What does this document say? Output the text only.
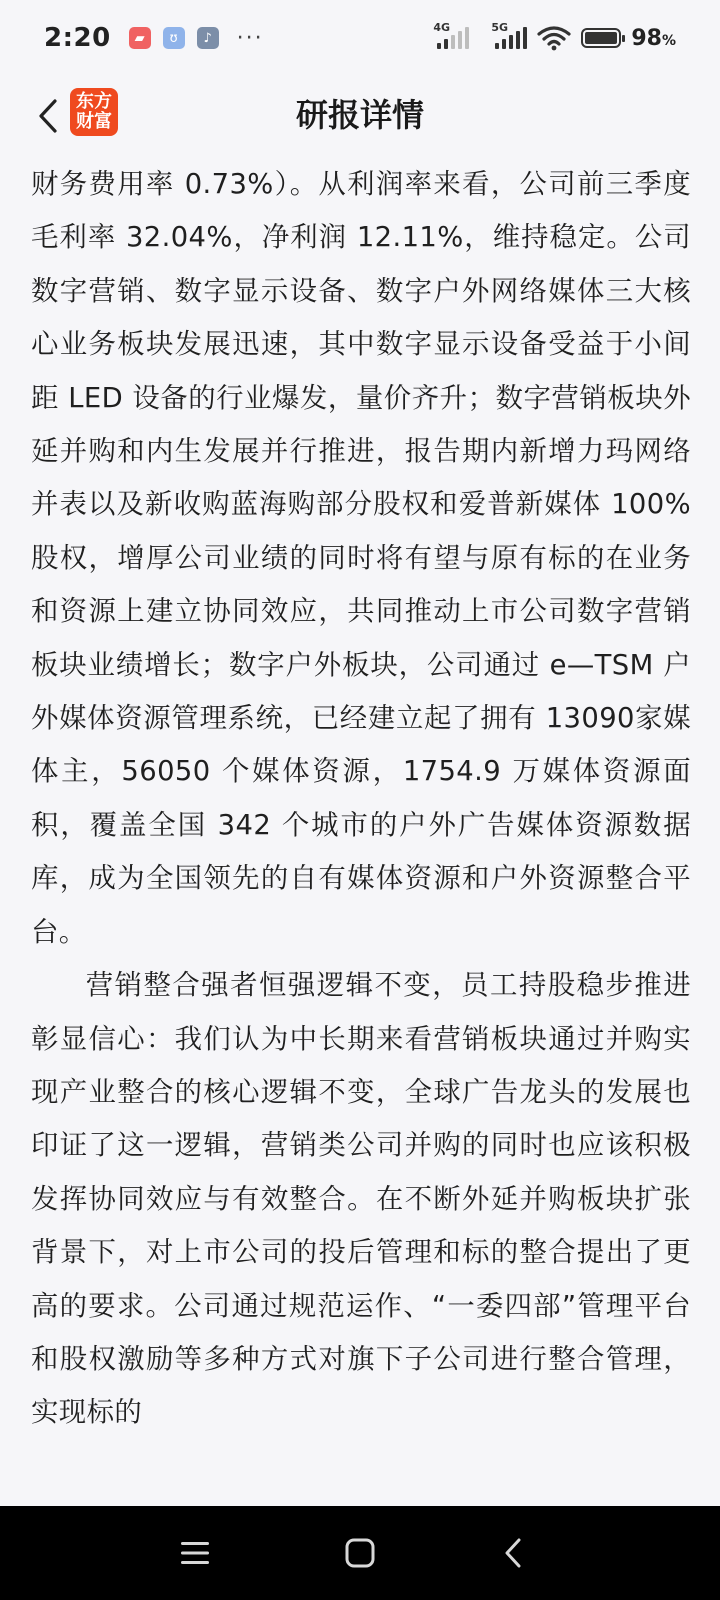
2:20	▰	ʊ	♪	···	4G	5G	98%
东方
财富	研报详情

财务费用率 0.73%）。从利润率来看，公司前三季度毛利率 32.04%，净利润 12.11%，维持稳定。公司数字营销、数字显示设备、数字户外网络媒体三大核心业务板块发展迅速，其中数字显示设备受益于小间距 LED 设备的行业爆发，量价齐升；数字营销板块外延并购和内生发展并行推进，报告期内新增力玛网络并表以及新收购蓝海购部分股权和爱普新媒体 100%股权，增厚公司业绩的同时将有望与原有标的在业务和资源上建立协同效应，共同推动上市公司数字营销板块业绩增长；数字户外板块，公司通过 e—TSM 户外媒体资源管理系统，已经建立起了拥有 13090家媒体主，56050 个媒体资源，1754.9 万媒体资源面积，覆盖全国 342 个城市的户外广告媒体资源数据库，成为全国领先的自有媒体资源和户外资源整合平台。

营销整合强者恒强逻辑不变，员工持股稳步推进彰显信心：我们认为中长期来看营销板块通过并购实现产业整合的核心逻辑不变，全球广告龙头的发展也印证了这一逻辑，营销类公司并购的同时也应该积极发挥协同效应与有效整合。在不断外延并购板块扩张背景下，对上市公司的投后管理和标的整合提出了更高的要求。公司通过规范运作、“一委四部”管理平台和股权激励等多种方式对旗下子公司进行整合管理，实现标的
